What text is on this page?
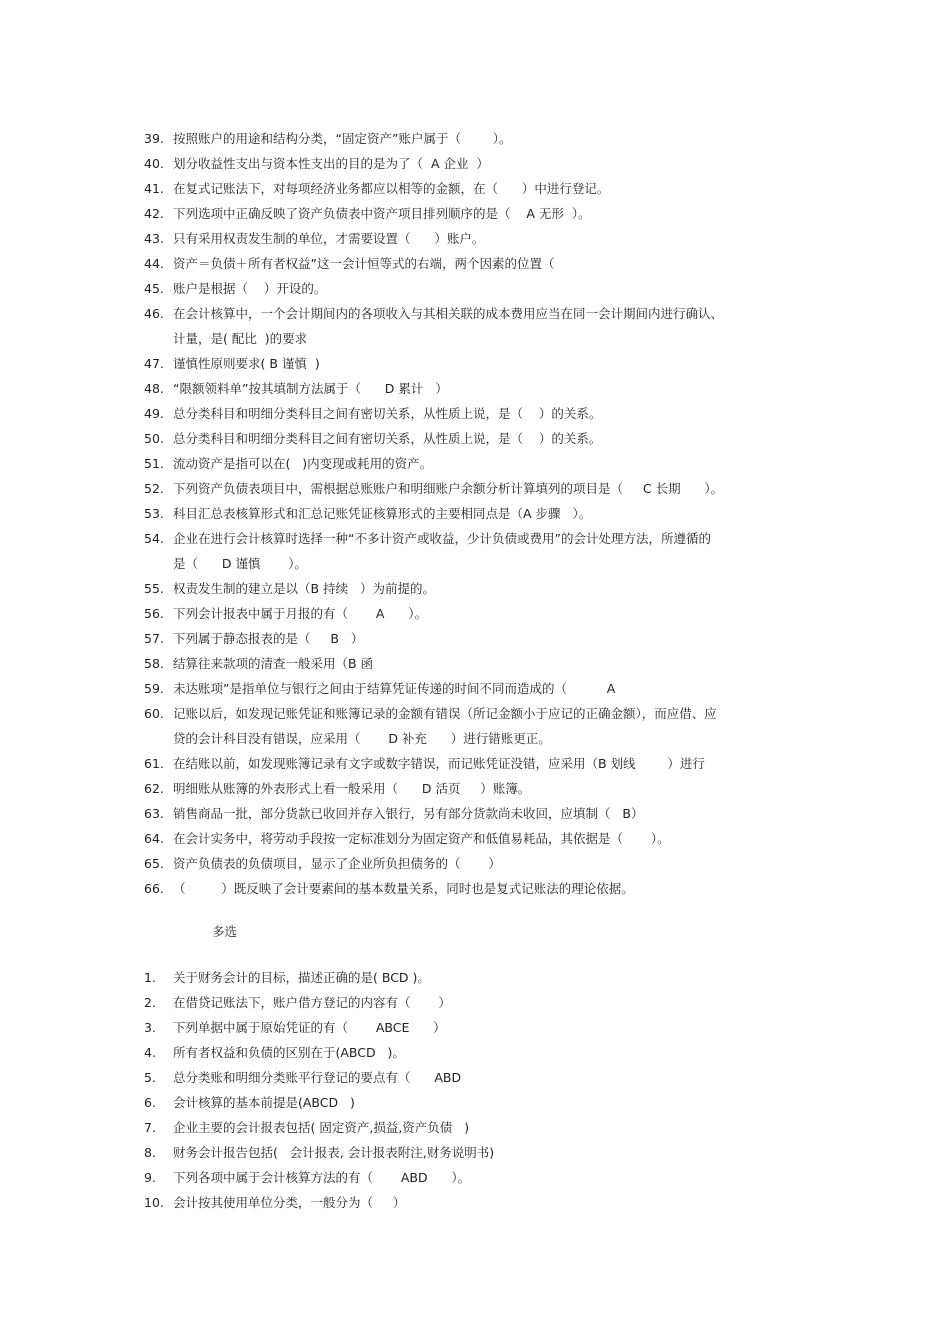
39. 按照账户的用途和结构分类，“固定资产”账户属于（        ）。
40. 划分收益性支出与资本性支出的目的是为了（  A 企业  ）
41. 在复式记账法下，对每项经济业务都应以相等的金额，在（      ）中进行登记。
42. 下列选项中正确反映了资产负债表中资产项目排列顺序的是（    A 无形  ）。
43. 只有采用权责发生制的单位，才需要设置（      ）账户。
44. 资产＝负债＋所有者权益”这一会计恒等式的右端，两个因素的位置（
45. 账户是根据（    ）开设的。
46. 在会计核算中，一个会计期间内的各项收入与其相关联的成本费用应当在同一会计期间内进行确认、
计量，是( 配比  )的要求
47. 谨慎性原则要求( B 谨慎  )
48. “限额领料单”按其填制方法属于（      D 累计   ）
49. 总分类科目和明细分类科目之间有密切关系，从性质上说，是（    ）的关系。
50. 总分类科目和明细分类科目之间有密切关系，从性质上说，是（    ）的关系。
51. 流动资产是指可以在(   )内变现或耗用的资产。
52. 下列资产负债表项目中，需根据总账账户和明细账户余额分析计算填列的项目是（     C 长期      ）。
53. 科目汇总表核算形式和汇总记账凭证核算形式的主要相同点是（A 步骤   ）。
54. 企业在进行会计核算时选择一种“不多计资产或收益，少计负债或费用”的会计处理方法，所遵循的
是（      D 谨慎       ）。
55. 权责发生制的建立是以（B 持续   ）为前提的。
56. 下列会计报表中属于月报的有（       A      ）。
57. 下列属于静态报表的是（     B   ）
58. 结算往来款项的清查一般采用（B 函
59. 未达账项”是指单位与银行之间由于结算凭证传递的时间不同而造成的（          A
60. 记账以后，如发现记账凭证和账簿记录的金额有错误（所记金额小于应记的正确金额），而应借、应
贷的会计科目没有错误，应采用（       D 补充      ）进行错账更正。
61. 在结账以前，如发现账簿记录有文字或数字错误，而记账凭证没错，应采用（B 划线        ）进行
62. 明细账从账簿的外表形式上看一般采用（      D 活页     ）账簿。
63. 销售商品一批，部分货款已收回并存入银行，另有部分货款尚未收回，应填制（   B）
64. 在会计实务中，将劳动手段按一定标准划分为固定资产和低值易耗品，其依据是（       ）。
65. 资产负债表的负债项目，显示了企业所负担债务的（       ）
66. （         ）既反映了会计要素间的基本数量关系，同时也是复式记账法的理论依据。
多选
1. 关于财务会计的目标，描述正确的是( BCD )。
2. 在借贷记账法下，账户借方登记的内容有（       ）
3. 下列单据中属于原始凭证的有（       ABCE      ）
4. 所有者权益和负债的区别在于(ABCD   )。
5. 总分类账和明细分类账平行登记的要点有（      ABD
6. 会计核算的基本前提是(ABCD   )
7. 企业主要的会计报表包括( 固定资产,损益,资产负债   )
8. 财务会计报告包括(   会计报表, 会计报表附注,财务说明书)
9. 下列各项中属于会计核算方法的有（       ABD      ）。
10. 会计按其使用单位分类，一般分为（     ）
